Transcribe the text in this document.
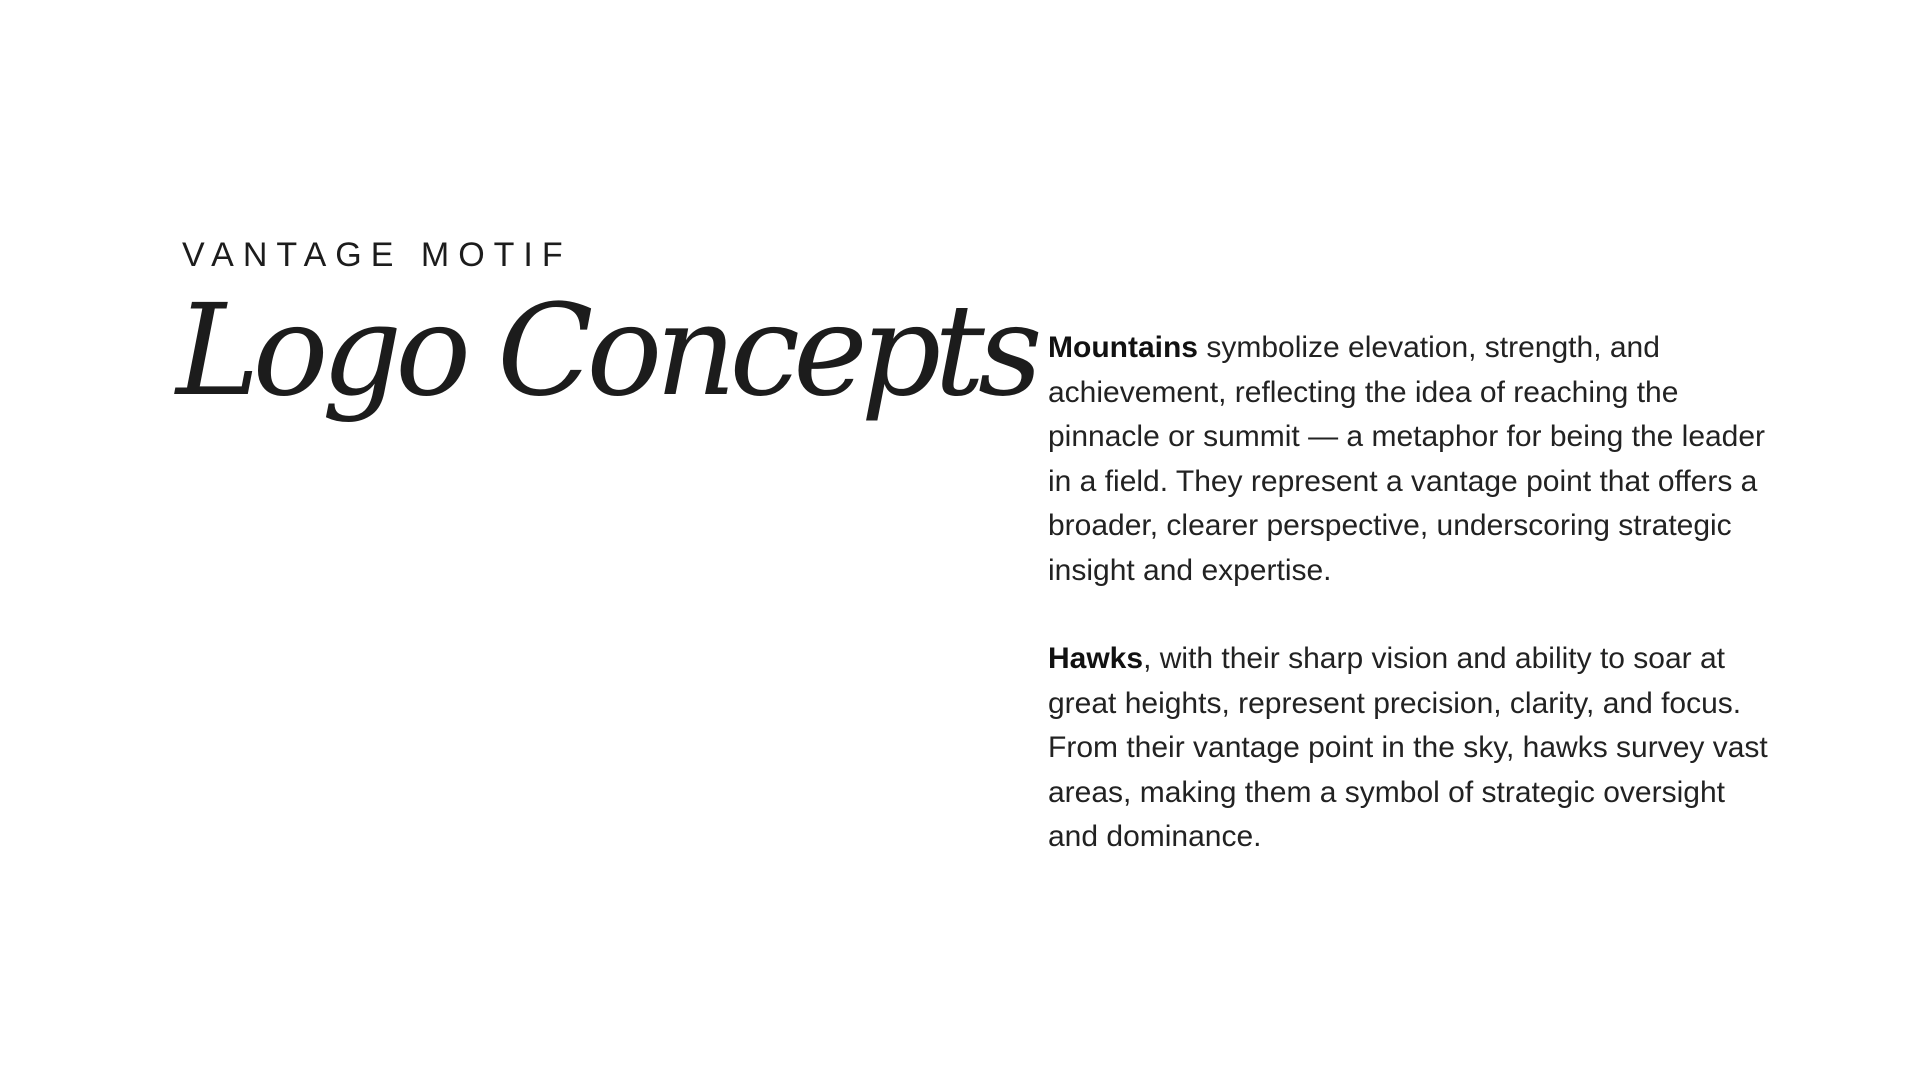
VANTAGE MOTIF
Logo Concepts Mountains symbolize elevation, strength, and achievement, reflecting the idea of reaching the pinnacle or summit — a metaphor for being the leader in a field. They represent a vantage point that offers a broader, clearer perspective, underscoring strategic insight and expertise.

Hawks, with their sharp vision and ability to soar at great heights, represent precision, clarity, and focus. From their vantage point in the sky, hawks survey vast areas, making them a symbol of strategic oversight and dominance.
